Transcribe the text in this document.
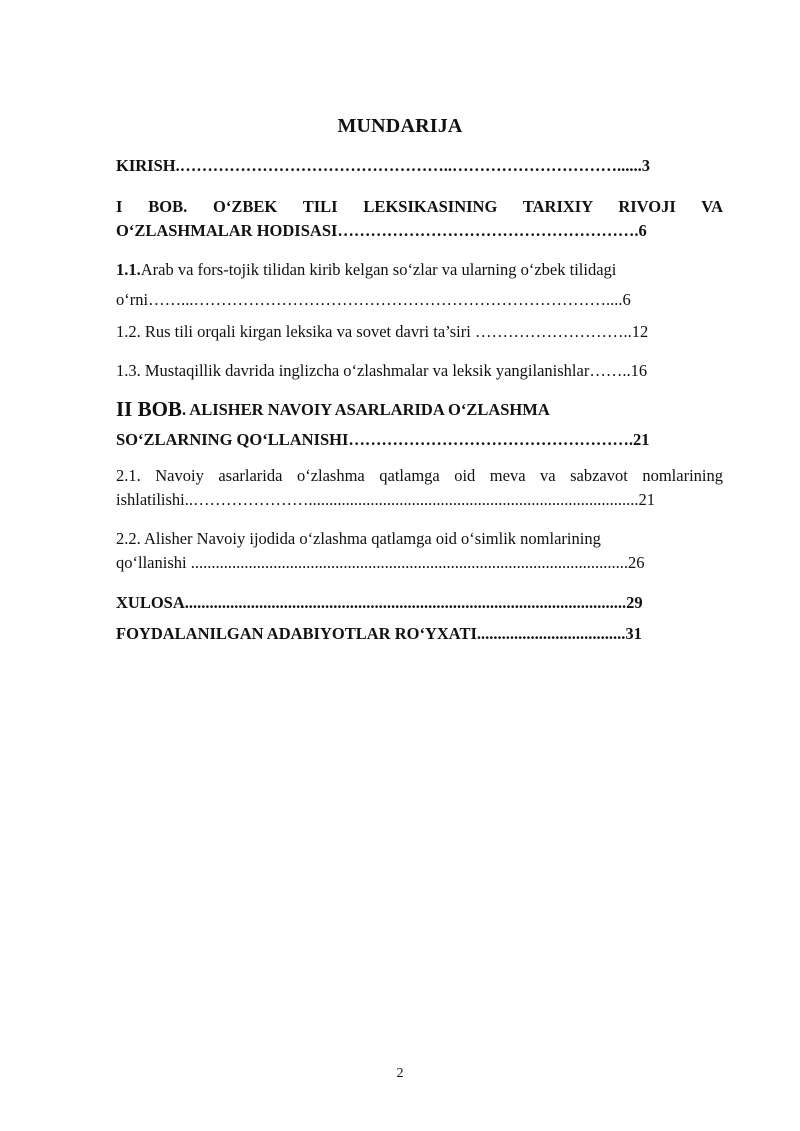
MUNDARIJA
KIRISH.…………………………………………..…………………………......3
I BOB. O‘ZBEK TILI LEKSIKASINING TARIXIY RIVOJI VA
O‘ZLASHMALAR HODISASI……………………………………………….6
1.1.Arab va fors-tojik tilidan kirib kelgan so‘zlar va ularning o‘zbek tilidagi
o‘rni……...…………………………………………………………………....6
1.2. Rus tili orqali kirgan leksika va sovet davri ta’siri ………………………..12
1.3. Mustaqillik davrida inglizcha o‘zlashmalar va leksik yangilanishlar……..16
II BOB. ALISHER NAVOIY ASARLARIDA O‘ZLASHMA
SO‘ZLARNING QO‘LLANISHI…………………………………………….21
2.1. Navoiy asarlarida o‘zlashma qatlamga oid meva va sabzavot nomlarining
ishlatilishi..…………………................................................................................21
2.2. Alisher Navoiy ijodida o‘zlashma qatlamga oid o‘simlik nomlarining
qo‘llanishi ..........................................................................................................26
XULOSA...........................................................................................................29
FOYDALANILGAN ADABIYOTLAR RO‘YXATI....................................31
2
